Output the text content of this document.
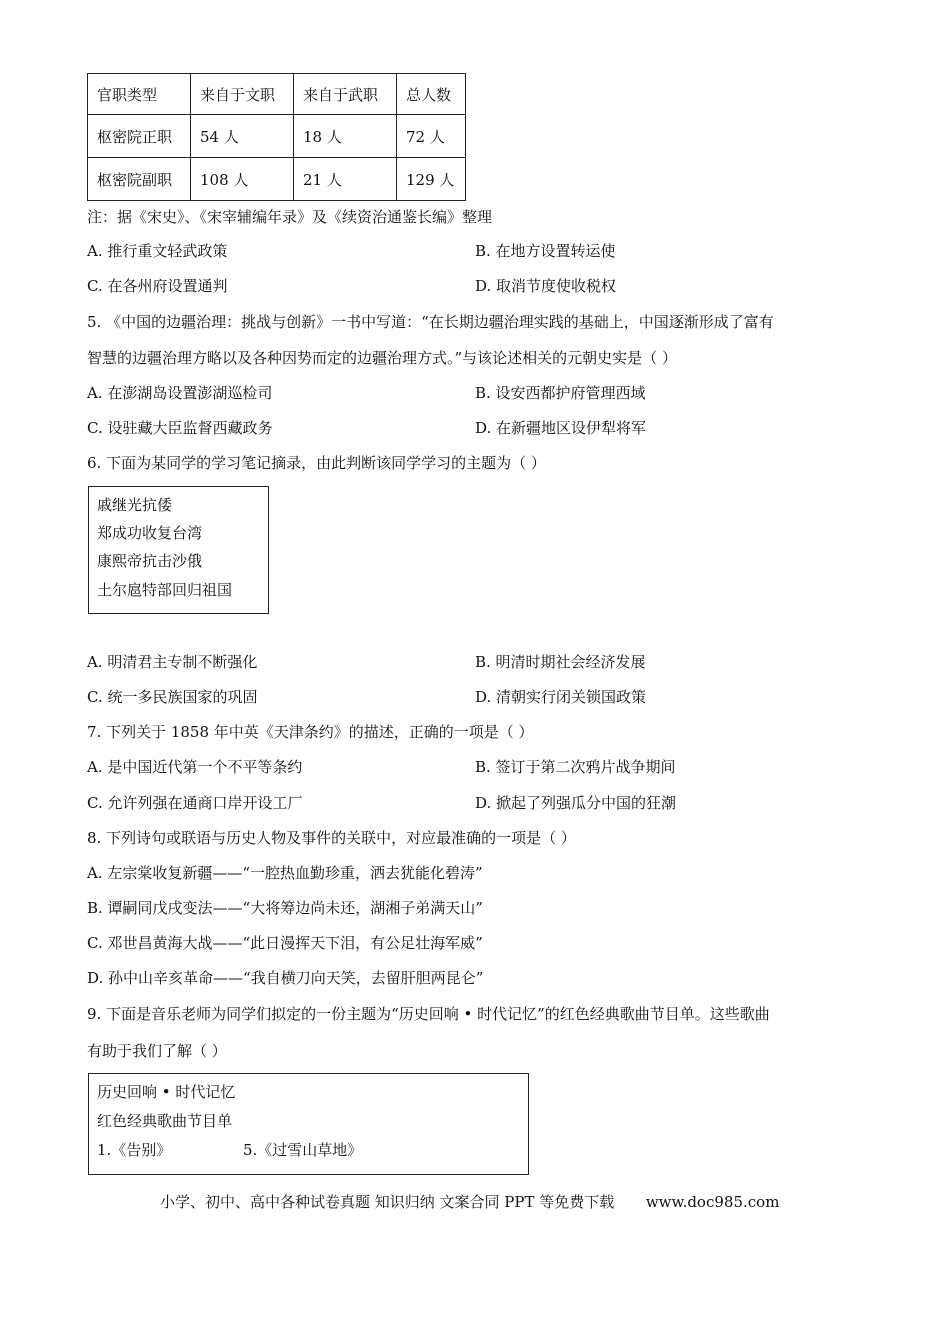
官职类型	来自于文职	来自于武职	总人数
枢密院正职	54 人	18 人	72 人
枢密院副职	108 人	21 人	129 人
注：据《宋史》、《宋宰辅编年录》及《续资治通鉴长编》整理
A. 推行重文轻武政策	B. 在地方设置转运使
C. 在各州府设置通判	D. 取消节度使收税权
5. 《中国的边疆治理：挑战与创新》一书中写道：“在长期边疆治理实践的基础上，中国逐渐形成了富有
智慧的边疆治理方略以及各种因势而定的边疆治理方式。”与该论述相关的元朝史实是（ ）
A. 在澎湖岛设置澎湖巡检司	B. 设安西都护府管理西域
C. 设驻藏大臣监督西藏政务	D. 在新疆地区设伊犁将军
6. 下面为某同学的学习笔记摘录，由此判断该同学学习的主题为（ ）
戚继光抗倭
郑成功收复台湾
康熙帝抗击沙俄
土尔扈特部回归祖国
A. 明清君主专制不断强化	B. 明清时期社会经济发展
C. 统一多民族国家的巩固	D. 清朝实行闭关锁国政策
7. 下列关于 1858 年中英《天津条约》的描述，正确的一项是（ ）
A. 是中国近代第一个不平等条约	B. 签订于第二次鸦片战争期间
C. 允许列强在通商口岸开设工厂	D. 掀起了列强瓜分中国的狂潮
8. 下列诗句或联语与历史人物及事件的关联中，对应最准确的一项是（ ）
A. 左宗棠收复新疆——“一腔热血勤珍重，洒去犹能化碧涛”
B. 谭嗣同戊戌变法——“大将筹边尚未还，湖湘子弟满天山”
C. 邓世昌黄海大战——“此日漫挥天下泪，有公足壮海军威”
D. 孙中山辛亥革命——“我自横刀向天笑，去留肝胆两昆仑”
9. 下面是音乐老师为同学们拟定的一份主题为“历史回响 • 时代记忆”的红色经典歌曲节目单。这些歌曲
有助于我们了解（ ）
历史回响 • 时代记忆
红色经典歌曲节目单
1.《告别》	5.《过雪山草地》
小学、初中、高中各种试卷真题 知识归纳 文案合同 PPT 等免费下载 www.doc985.com
